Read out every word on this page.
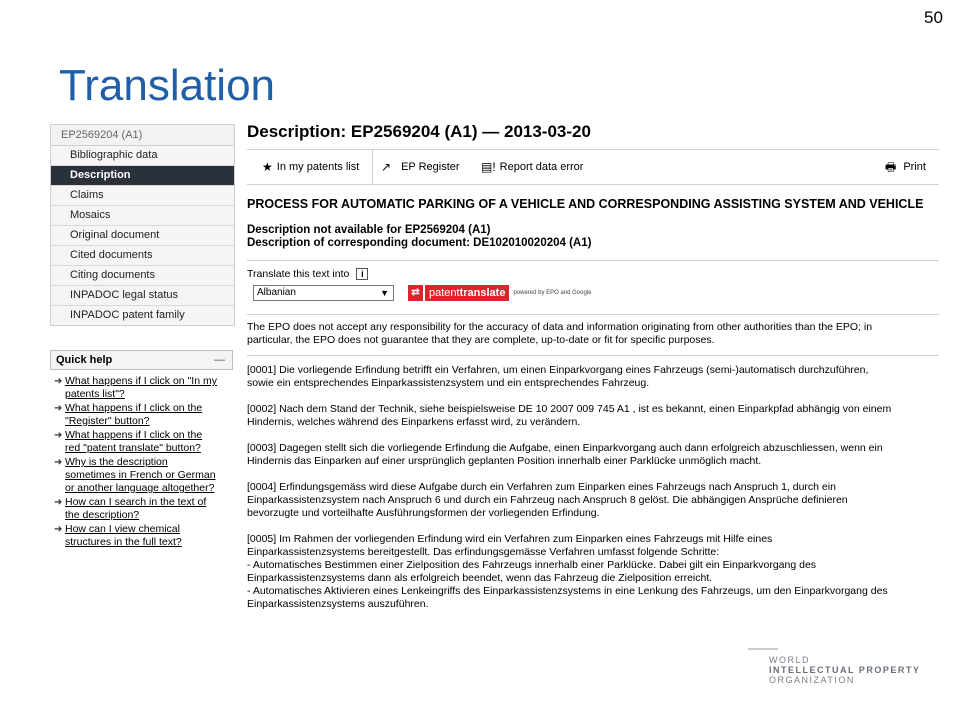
50
Translation
EP2569204 (A1)
Bibliographic data
Description
Claims
Mosaics
Original document
Cited documents
Citing documents
INPADOC legal status
INPADOC patent family
Quick help	—
➜ What happens if I click on "In my
patents list"?
➜ What happens if I click on the
"Register" button?
➜ What happens if I click on the
red "patent translate" button?
➜ Why is the description
sometimes in French or German
or another language altogether?
➜ How can I search in the text of
the description?
➜ How can I view chemical
structures in the full text?
Description: EP2569204 (A1) — 2013-03-20
★ In my patents list ↗ EP Register ▤! Report data error	🖶 Print
PROCESS FOR AUTOMATIC PARKING OF A VEHICLE AND CORRESPONDING ASSISTING SYSTEM AND VEHICLE
Description not available for EP2569204 (A1)
Description of corresponding document: DE102010020204 (A1)
Translate this text into	i
Albanian	▼	⇄ patenttranslate	powered by EPO and Google
The EPO does not accept any responsibility for the accuracy of data and information originating from other authorities than the EPO; in
particular, the EPO does not guarantee that they are complete, up-to-date or fit for specific purposes.
[0001] Die vorliegende Erfindung betrifft ein Verfahren, um einen Einparkvorgang eines Fahrzeugs (semi-)automatisch durchzuführen,
sowie ein entsprechendes Einparkassistenzsystem und ein entsprechendes Fahrzeug.
[0002] Nach dem Stand der Technik, siehe beispielsweise DE 10 2007 009 745 A1 , ist es bekannt, einen Einparkpfad abhängig von einem
Hindernis, welches während des Einparkens erfasst wird, zu verändern.
[0003] Dagegen stellt sich die vorliegende Erfindung die Aufgabe, einen Einparkvorgang auch dann erfolgreich abzuschliessen, wenn ein
Hindernis das Einparken auf einer ursprünglich geplanten Position innerhalb einer Parklücke unmöglich macht.
[0004] Erfindungsgemäss wird diese Aufgabe durch ein Verfahren zum Einparken eines Fahrzeugs nach Anspruch 1, durch ein
Einparkassistenzsystem nach Anspruch 6 und durch ein Fahrzeug nach Anspruch 8 gelöst. Die abhängigen Ansprüche definieren
bevorzugte und vorteilhafte Ausführungsformen der vorliegenden Erfindung.
[0005] Im Rahmen der vorliegenden Erfindung wird ein Verfahren zum Einparken eines Fahrzeugs mit Hilfe eines
Einparkassistenzsystems bereitgestellt. Das erfindungsgemässe Verfahren umfasst folgende Schritte:
- Automatisches Bestimmen einer Zielposition des Fahrzeugs innerhalb einer Parklücke. Dabei gilt ein Einparkvorgang des
Einparkassistenzsystems dann als erfolgreich beendet, wenn das Fahrzeug die Zielposition erreicht.
- Automatisches Aktivieren eines Lenkeingriffs des Einparkassistenzsystems in eine Lenkung des Fahrzeugs, um den Einparkvorgang des
Einparkassistenzsystems auszuführen.
WORLD
INTELLECTUAL PROPERTY
ORGANIZATION
